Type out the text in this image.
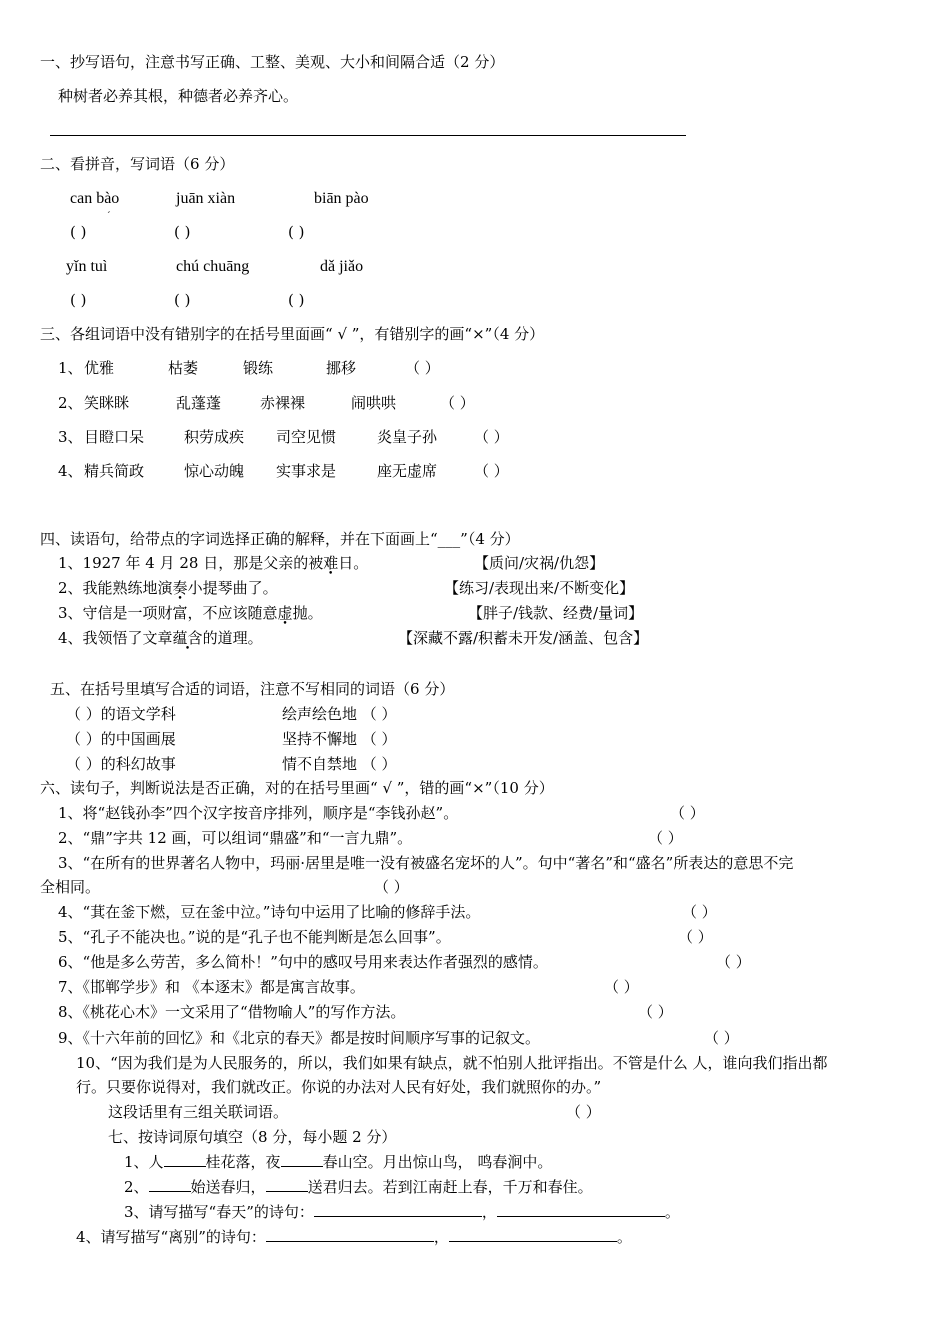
一、抄写语句，注意书写正确、工整、美观、大小和间隔合适（2 分）
种树者必养其根，种德者必养齐心。
二、看拼音，写词语（6 分）
can bào	juān xiàn	biān pào
ˊ
( )	( )	( )
yǐn tuì	chú chuāng	dǎ jiǎo
( )	( )	( )
三、各组词语中没有错别字的在括号里面画“ √ ”，有错别字的画“×”（4 分）
1、 优雅	枯萎	锻练	挪移	（ ）
2、 笑眯眯	乱蓬蓬	赤裸裸	闹哄哄	（ ）
3、 目瞪口呆	积劳成疾 司空见惯	炎皇子孙 （ ）
4、 精兵简政	惊心动魄 实事求是	座无虚席 （ ）
四、读语句，给带点的字词选择正确的解释，并在下面画上“___”（4 分）
1、1927 年 4 月 28 日，那是父亲的被难日。	【质问/灾祸/仇怨】
2、我能熟练地演奏小提琴曲了。	【练习/表现出来/不断变化】
3、守信是一项财富，不应该随意虚抛。	【胖子/钱款、经费/量词】
4、我领悟了文章蕴含的道理。	【深藏不露/积蓄未开发/涵盖、包含】
五、在括号里填写合适的词语，注意不写相同的词语（6 分）
（ ）的语文学科	绘声绘色地 （ ）
（ ）的中国画展	坚持不懈地 （ ）
（ ）的科幻故事	情不自禁地 （ ）
六、读句子，判断说法是否正确，对的在括号里画“ √ ”，错的画“×”（10 分）
1、将“赵钱孙李”四个汉字按音序排列，顺序是“李钱孙赵”。	（ ）
2、“鼎”字共 12 画，可以组词“鼎盛”和“一言九鼎”。	（ ）
3、“在所有的世界著名人物中，玛丽·居里是唯一没有被盛名宠坏的人”。句中“著名”和“盛名”所表达的意思不完
全相同。	（ ）
4、“萁在釜下燃，豆在釜中泣。”诗句中运用了比喻的修辞手法。	（ ）
5、“孔子不能决也。”说的是“孔子也不能判断是怎么回事”。	（ ）
6、“他是多么劳苦，多么简朴！”句中的感叹号用来表达作者强烈的感情。	（ ）
7、《邯郸学步》和 《本逐末》都是寓言故事。	（ ）
8、《桃花心木》一文采用了“借物喻人”的写作方法。	（ ）
9、《十六年前的回忆》和《北京的春天》都是按时间顺序写事的记叙文。	（ ）
10、“因为我们是为人民服务的，所以，我们如果有缺点，就不怕别人批评指出。不管是什么 人，谁向我们指出都
行。只要你说得对，我们就改正。你说的办法对人民有好处，我们就照你的办。”
这段话里有三组关联词语。	（ ）
七、按诗词原句填空（8 分，每小题 2 分）
1、人	桂花落，夜	春山空。月出惊山鸟， 鸣春涧中。
2、	始送春归，	送君归去。若到江南赶上春，千万和春住。
3、请写描写“春天”的诗句：	，	。
4、请写描写“离别”的诗句：	，	。
